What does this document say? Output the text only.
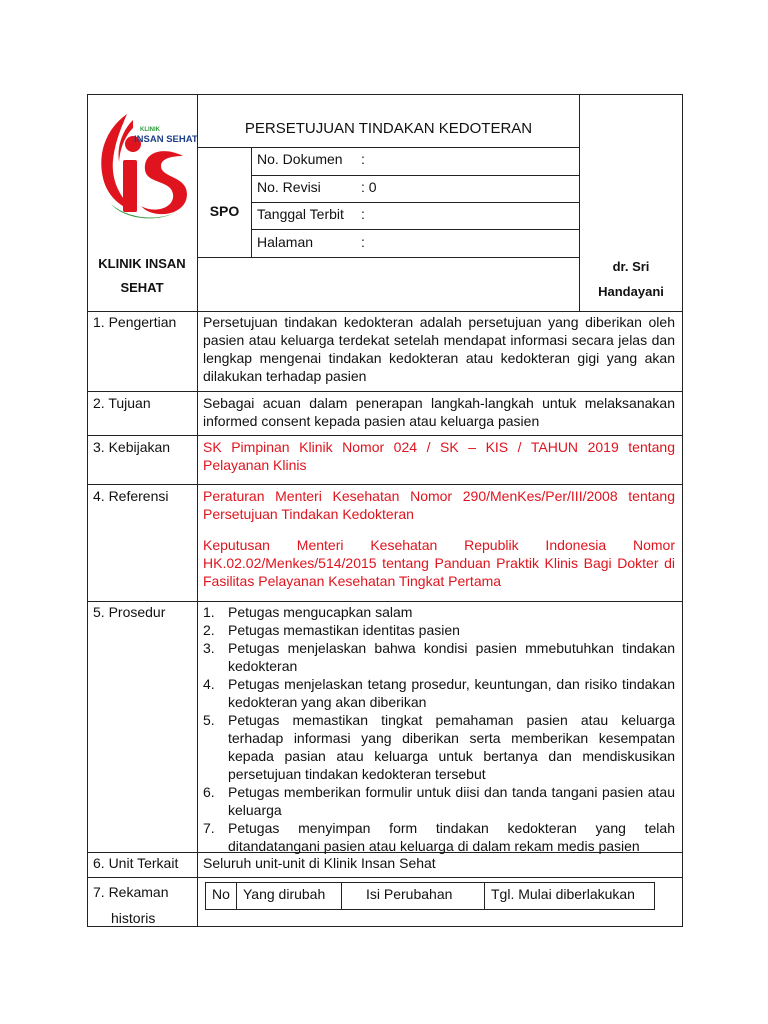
KLINIK
INSAN SEHAT
KLINIK INSAN
SEHAT
PERSETUJUAN TINDAKAN KEDOTERAN
SPO
No. Dokumen :
No. Revisi	: 0
Tanggal Terbit :
Halaman	:
dr. Sri
Handayani
1. Pengertian Persetujuan tindakan kedokteran adalah persetujuan yang diberikan oleh pasien atau keluarga terdekat setelah mendapat informasi secara jelas dan lengkap mengenai tindakan kedokteran atau kedokteran gigi yang akan dilakukan terhadap pasien
2. Tujuan	Sebagai acuan dalam penerapan langkah-langkah untuk melaksanakan informed consent kepada pasien atau keluarga pasien
3. Kebijakan SK Pimpinan Klinik Nomor 024 / SK – KIS / TAHUN 2019 tentang Pelayanan Klinis
4. Referensi Peraturan Menteri Kesehatan Nomor 290/MenKes/Per/III/2008 tentang Persetujuan Tindakan Kedokteran
Keputusan Menteri Kesehatan Republik Indonesia Nomor HK.02.02/Menkes/514/2015 tentang Panduan Praktik Klinis Bagi Dokter di Fasilitas Pelayanan Kesehatan Tingkat Pertama
5. Prosedur	1. Petugas mengucapkan salam
2. Petugas memastikan identitas pasien
3. Petugas menjelaskan bahwa kondisi pasien mmebutuhkan tindakan kedokteran
4. Petugas menjelaskan tetang prosedur, keuntungan, dan risiko tindakan kedokteran yang akan diberikan
5. Petugas memastikan tingkat pemahaman pasien atau keluarga terhadap informasi yang diberikan serta memberikan kesempatan kepada pasian atau keluarga untuk bertanya dan mendiskusikan persetujuan tindakan kedokteran tersebut
6. Petugas memberikan formulir untuk diisi dan tanda tangani pasien atau keluarga
7. Petugas menyimpan form tindakan kedokteran yang telah ditandatangani pasien atau keluarga di dalam rekam medis pasien
6. Unit Terkait Seluruh unit-unit di Klinik Insan Sehat
7. Rekaman
historis
No Yang dirubah	Isi Perubahan	Tgl. Mulai diberlakukan
